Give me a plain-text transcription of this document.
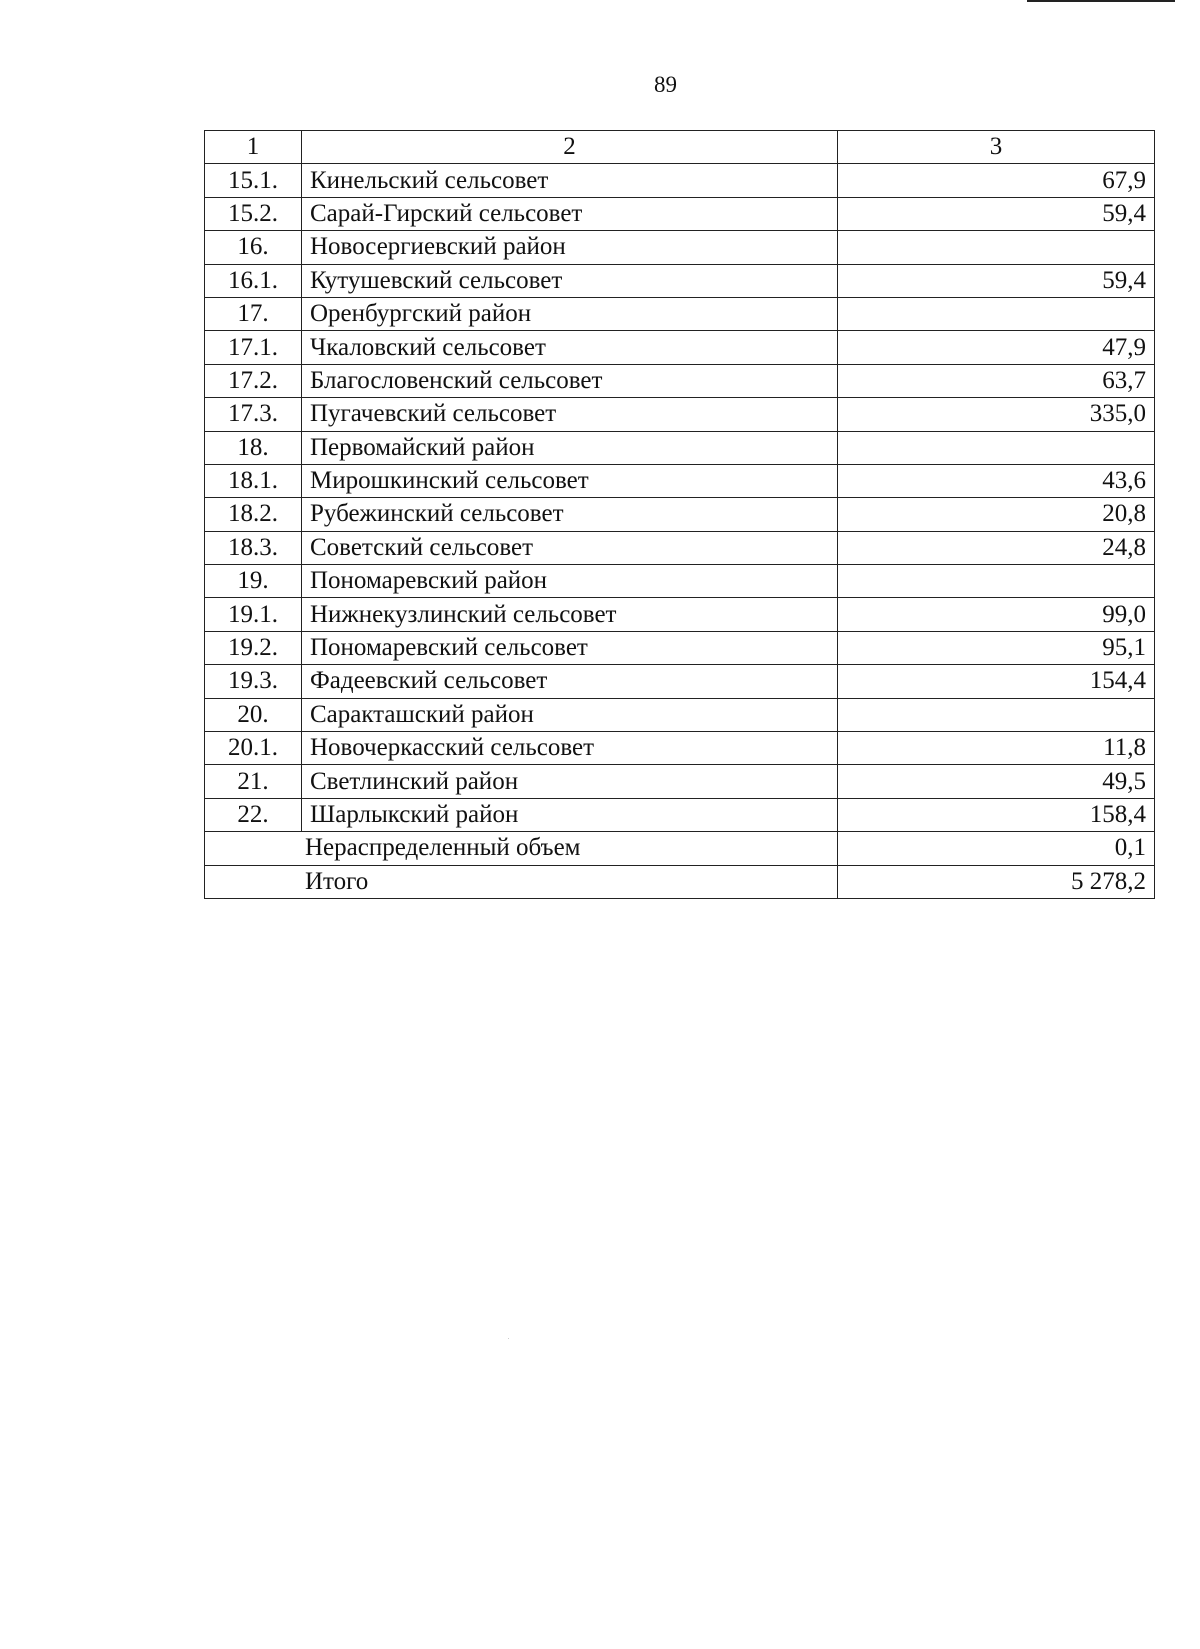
89
1	2	3
15.1.	Кинельский сельсовет	67,9
15.2.	Сарай-Гирский сельсовет	59,4
16.	Новосергиевский район	
16.1.	Кутушевский сельсовет	59,4
17.	Оренбургский район	
17.1.	Чкаловский сельсовет	47,9
17.2.	Благословенский сельсовет	63,7
17.3.	Пугачевский сельсовет	335,0
18.	Первомайский район	
18.1.	Мирошкинский сельсовет	43,6
18.2.	Рубежинский сельсовет	20,8
18.3.	Советский сельсовет	24,8
19.	Пономаревский район	
19.1.	Нижнекузлинский сельсовет	99,0
19.2.	Пономаревский сельсовет	95,1
19.3.	Фадеевский сельсовет	154,4
20.	Саракташский район	
20.1.	Новочеркасский сельсовет	11,8
21.	Светлинский район	49,5
22.	Шарлыкский район	158,4
Нераспределенный объем		0,1
Итого		5 278,2
